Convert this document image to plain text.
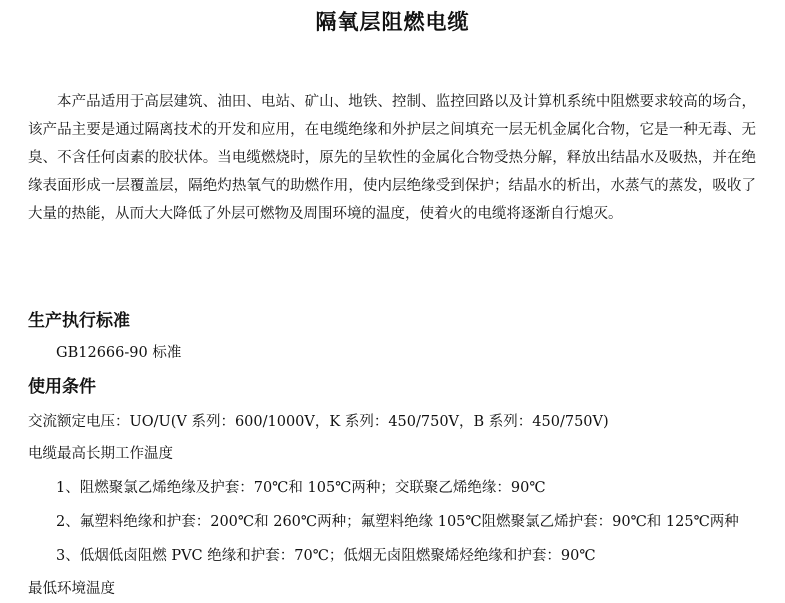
隔氧层阻燃电缆

本产品适用于高层建筑、油田、电站、矿山、地铁、控制、监控回路以及计算机系统中阻燃要求较高的场合，该产品主要是通过隔离技术的开发和应用，在电缆绝缘和外护层之间填充一层无机金属化合物，它是一种无毒、无臭、不含任何卤素的胶状体。当电缆燃烧时，原先的呈软性的金属化合物受热分解，释放出结晶水及吸热，并在绝缘表面形成一层覆盖层，隔绝灼热氧气的助燃作用，使内层绝缘受到保护；结晶水的析出，水蒸气的蒸发，吸收了大量的热能，从而大大降低了外层可燃物及周围环境的温度，使着火的电缆将逐渐自行熄灭。

生产执行标准

GB12666-90 标准

使用条件

交流额定电压：UO/U(V 系列：600/1000V，K 系列：450/750V，B 系列：450/750V)

电缆最高长期工作温度

1、阻燃聚氯乙烯绝缘及护套：70℃和 105℃两种；交联聚乙烯绝缘：90℃

2、氟塑料绝缘和护套：200℃和 260℃两种；氟塑料绝缘 105℃阻燃聚氯乙烯护套：90℃和 125℃两种

3、低烟低卤阻燃 PVC 绝缘和护套：70℃；低烟无卤阻燃聚烯烃绝缘和护套：90℃

最低环境温度
